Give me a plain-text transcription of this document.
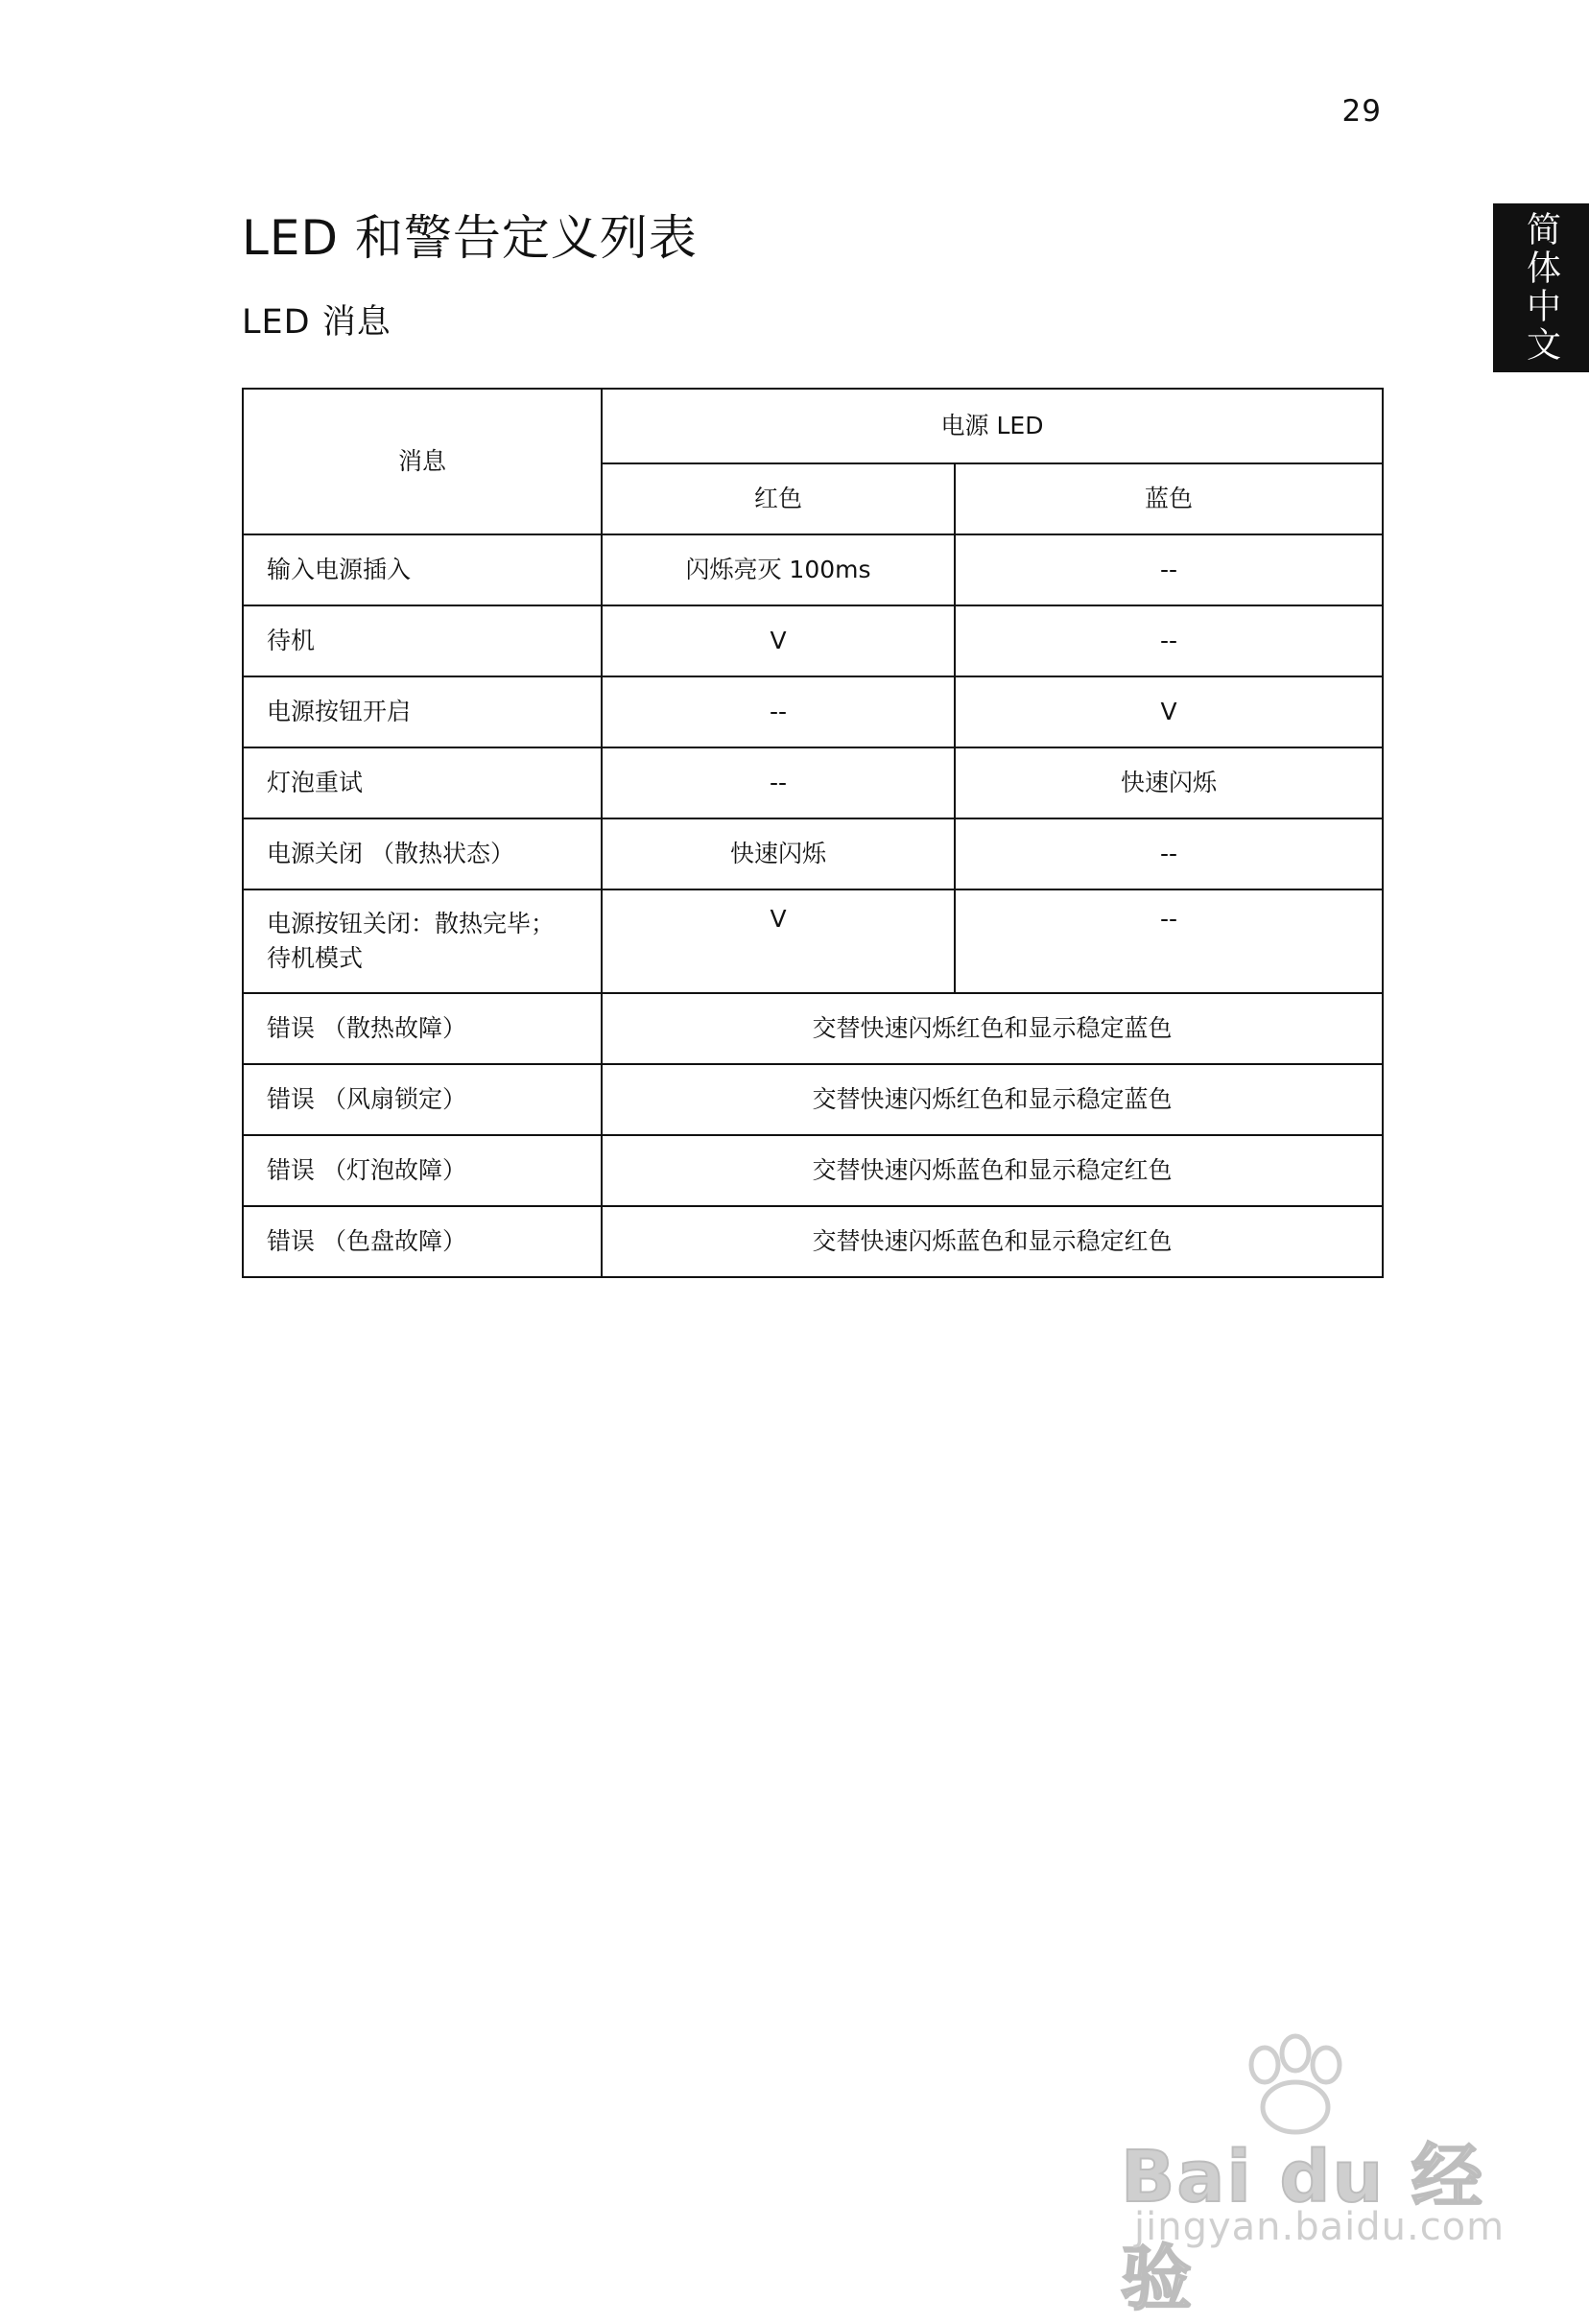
29
简体中文
LED 和警告定义列表
LED 消息
消息	电源 LED	
	红色	蓝色
输入电源插入	闪烁亮灭 100ms	--
待机	V	--
电源按钮开启	--	V
灯泡重试	--	快速闪烁
电源关闭 （散热状态）	快速闪烁	--

电源按钮关闭：散热完毕；
待机模式	V	--
错误 （散热故障）	交替快速闪烁红色和显示稳定蓝色	
错误 （风扇锁定）	交替快速闪烁红色和显示稳定蓝色	
错误 （灯泡故障）	交替快速闪烁蓝色和显示稳定红色	
错误 （色盘故障）	交替快速闪烁蓝色和显示稳定红色	
Bai du 经验
jingyan.baidu.com
